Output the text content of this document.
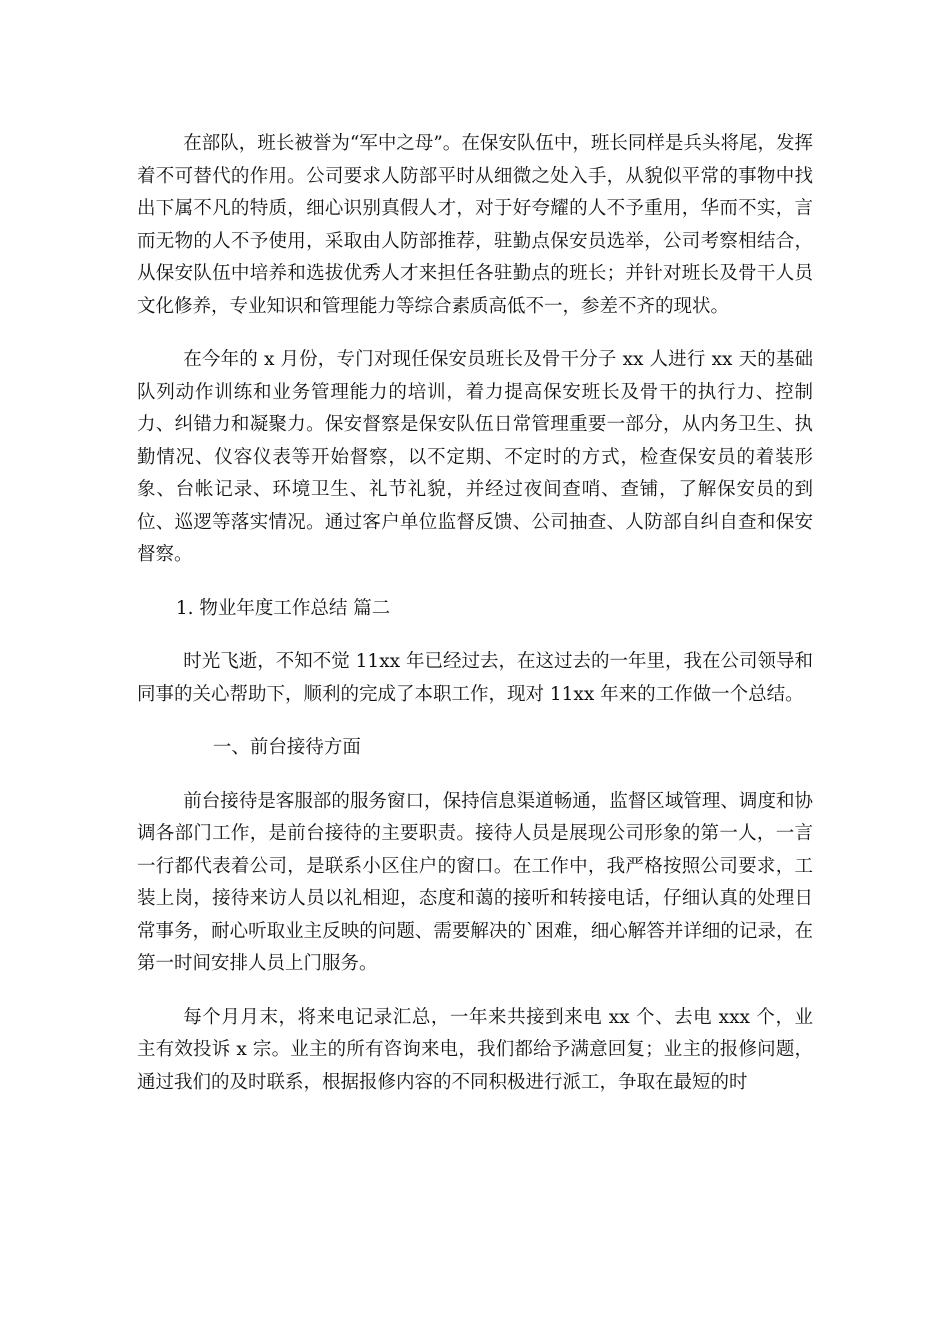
在部队，班长被誉为“军中之母”。在保安队伍中，班长同样是兵头将尾，发挥着不可替代的作用。公司要求人防部平时从细微之处入手，从貌似平常的事物中找出下属不凡的特质，细心识别真假人才，对于好夸耀的人不予重用，华而不实，言而无物的人不予使用，采取由人防部推荐，驻勤点保安员选举，公司考察相结合，从保安队伍中培养和选拔优秀人才来担任各驻勤点的班长；并针对班长及骨干人员文化修养，专业知识和管理能力等综合素质高低不一，参差不齐的现状。

在今年的 x 月份，专门对现任保安员班长及骨干分子 xx 人进行 xx 天的基础队列动作训练和业务管理能力的培训，着力提高保安班长及骨干的执行力、控制力、纠错力和凝聚力。保安督察是保安队伍日常管理重要一部分，从内务卫生、执勤情况、仪容仪表等开始督察，以不定期、不定时的方式，检查保安员的着装形象、台帐记录、环境卫生、礼节礼貌，并经过夜间查哨、查铺，了解保安员的到位、巡逻等落实情况。通过客户单位监督反馈、公司抽查、人防部自纠自查和保安督察。

1. 物业年度工作总结 篇二

时光飞逝，不知不觉 11xx 年已经过去，在这过去的一年里，我在公司领导和同事的关心帮助下，顺利的完成了本职工作，现对 11xx 年来的工作做一个总结。

一、前台接待方面

前台接待是客服部的服务窗口，保持信息渠道畅通，监督区域管理、调度和协调各部门工作，是前台接待的主要职责。接待人员是展现公司形象的第一人，一言一行都代表着公司，是联系小区住户的窗口。在工作中，我严格按照公司要求，工装上岗，接待来访人员以礼相迎，态度和蔼的接听和转接电话，仔细认真的处理日常事务，耐心听取业主反映的问题、需要解决的`困难，细心解答并详细的记录，在第一时间安排人员上门服务。

每个月月末，将来电记录汇总，一年来共接到来电 xx 个、去电 xxx 个，业主有效投诉 x 宗。业主的所有咨询来电，我们都给予满意回复；业主的报修问题，通过我们的及时联系，根据报修内容的不同积极进行派工，争取在最短的时
